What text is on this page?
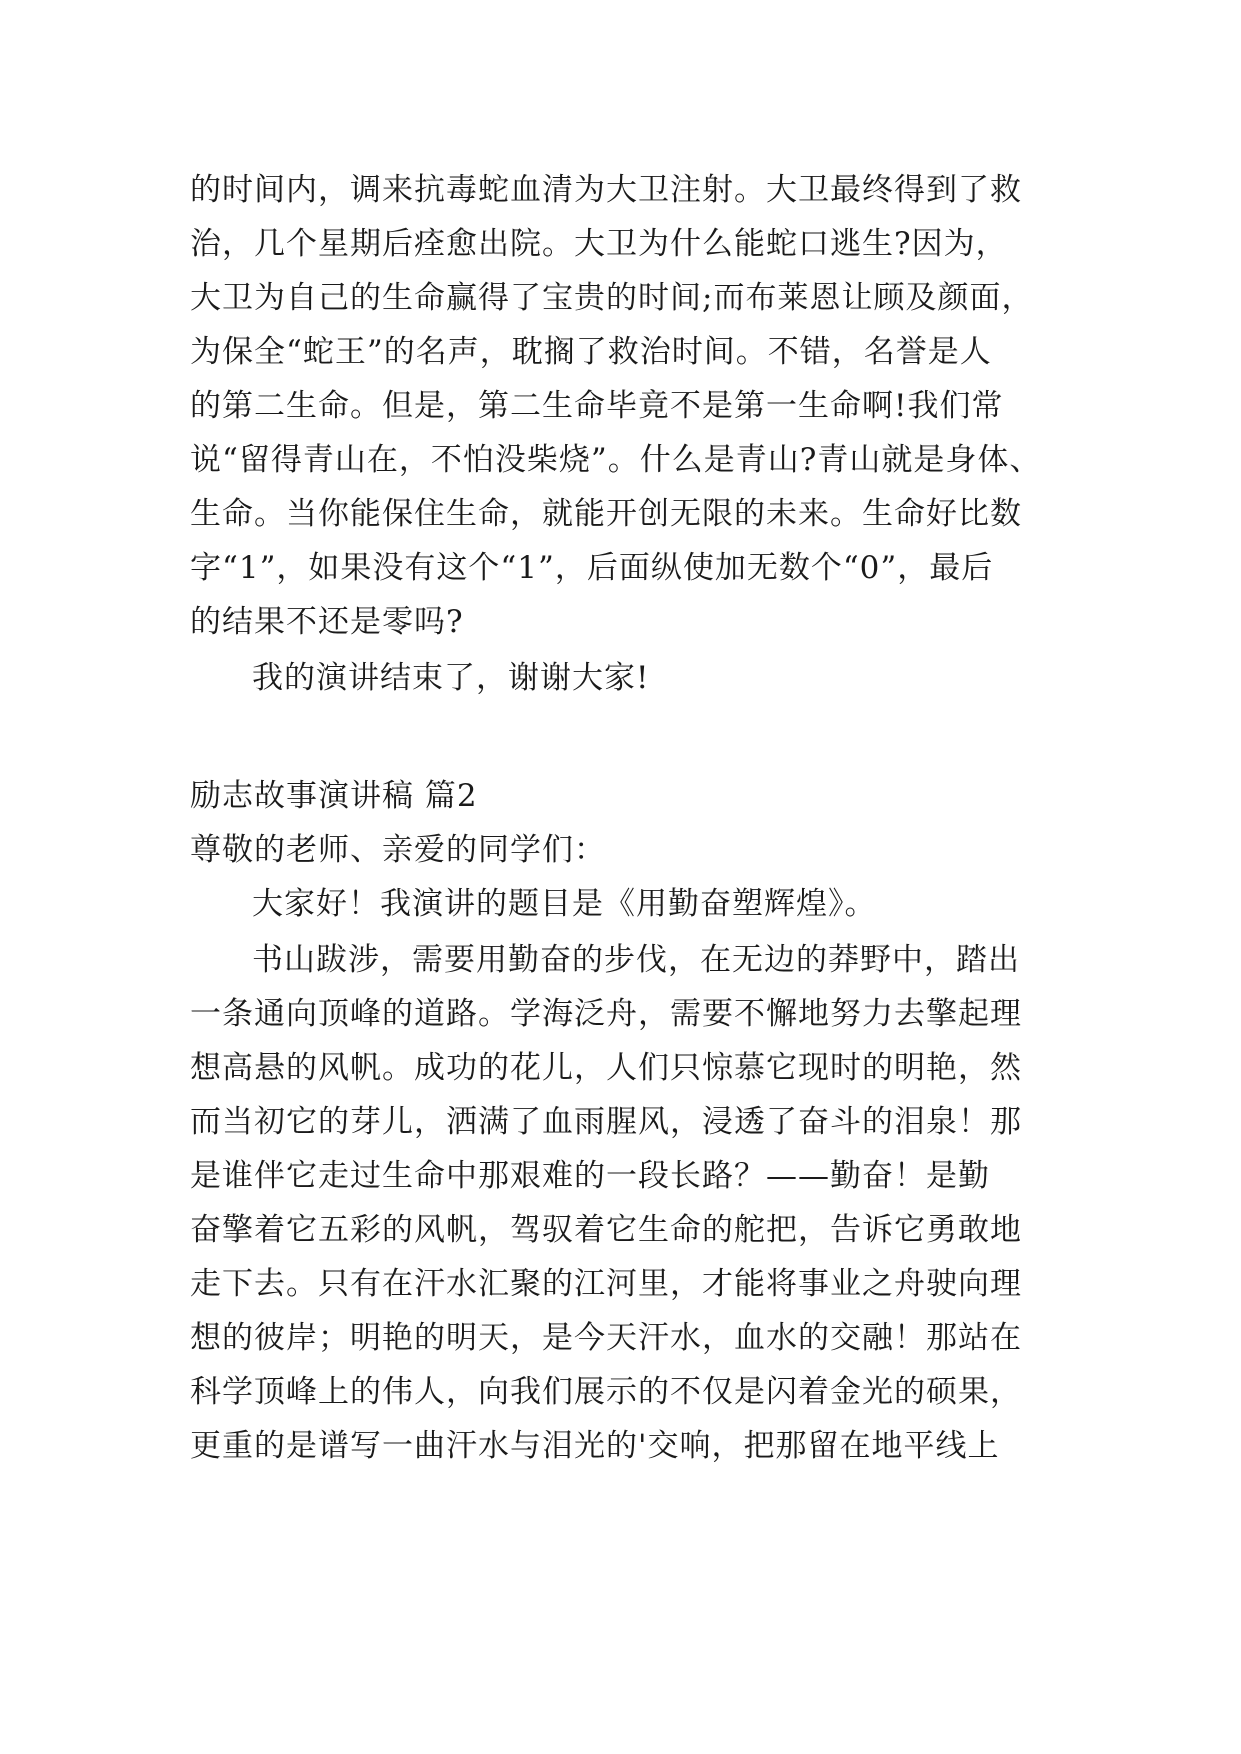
的时间内，调来抗毒蛇血清为大卫注射。大卫最终得到了救
治，几个星期后痊愈出院。大卫为什么能蛇口逃生?因为，
大卫为自己的生命赢得了宝贵的时间;而布莱恩让顾及颜面，
为保全“蛇王”的名声，耽搁了救治时间。不错，名誉是人
的第二生命。但是，第二生命毕竟不是第一生命啊!我们常
说“留得青山在，不怕没柴烧”。什么是青山?青山就是身体、
生命。当你能保住生命，就能开创无限的未来。生命好比数
字“1”，如果没有这个“1”，后面纵使加无数个“0”，最后
的结果不还是零吗?
我的演讲结束了，谢谢大家!
励志故事演讲稿 篇2
尊敬的老师、亲爱的同学们：
大家好！我演讲的题目是《用勤奋塑辉煌》。
书山跋涉，需要用勤奋的步伐，在无边的莽野中，踏出
一条通向顶峰的道路。学海泛舟，需要不懈地努力去擎起理
想高悬的风帆。成功的花儿，人们只惊慕它现时的明艳，然
而当初它的芽儿，洒满了血雨腥风，浸透了奋斗的泪泉！那
是谁伴它走过生命中那艰难的一段长路？——勤奋！是勤
奋擎着它五彩的风帆，驾驭着它生命的舵把，告诉它勇敢地
走下去。只有在汗水汇聚的江河里，才能将事业之舟驶向理
想的彼岸；明艳的明天，是今天汗水，血水的交融！那站在
科学顶峰上的伟人，向我们展示的不仅是闪着金光的硕果，
更重的是谱写一曲汗水与泪光的'交响，把那留在地平线上
